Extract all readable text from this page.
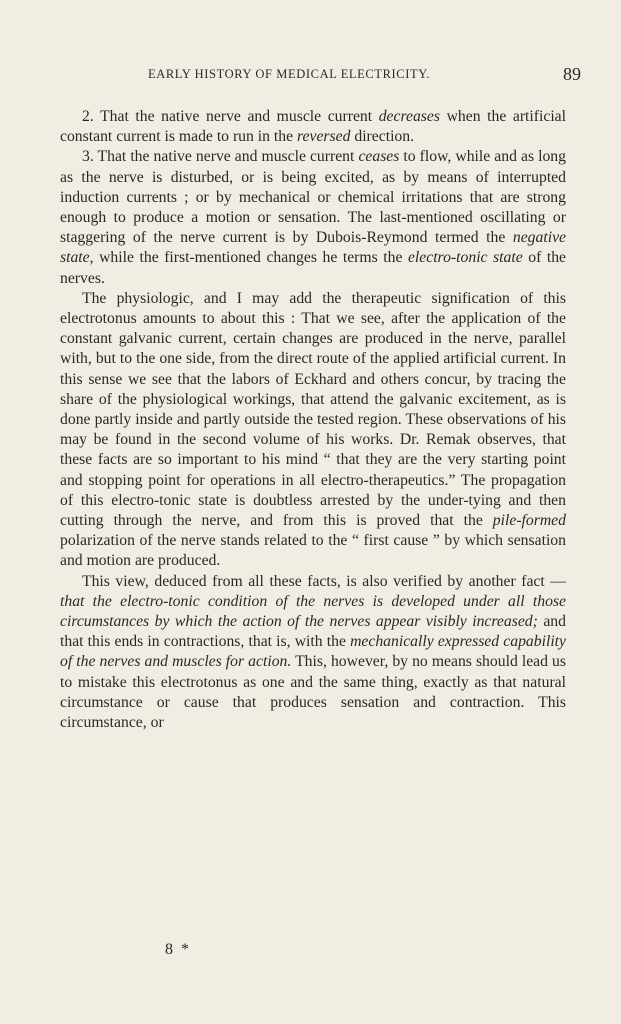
EARLY HISTORY OF MEDICAL ELECTRICITY.	89

2. That the native nerve and muscle current decreases when the artificial constant current is made to run in the reversed direction.

3. That the native nerve and muscle current ceases to flow, while and as long as the nerve is disturbed, or is being excited, as by means of interrupted induction currents ; or by mechanical or chemical irritations that are strong enough to produce a motion or sensation. The last-mentioned oscillating or staggering of the nerve current is by Dubois-Reymond termed the negative state, while the first-mentioned changes he terms the electro-tonic state of the nerves.

The physiologic, and I may add the therapeutic signification of this electrotonus amounts to about this : That we see, after the application of the constant galvanic current, certain changes are produced in the nerve, parallel with, but to the one side, from the direct route of the applied artificial current. In this sense we see that the labors of Eckhard and others concur, by tracing the share of the physiological workings, that attend the galvanic excitement, as is done partly inside and partly outside the tested region. These observations of his may be found in the second volume of his works. Dr. Remak observes, that these facts are so important to his mind “ that they are the very starting point and stopping point for operations in all electro-therapeutics.” The propagation of this electro-tonic state is doubtless arrested by the under-tying and then cutting through the nerve, and from this is proved that the pile-formed polarization of the nerve stands related to the “ first cause ” by which sensation and motion are produced.

This view, deduced from all these facts, is also verified by another fact — that the electro-tonic condition of the nerves is developed under all those circumstances by which the action of the nerves appear visibly increased; and that this ends in contractions, that is, with the mechanically expressed capability of the nerves and muscles for action. This, however, by no means should lead us to mistake this electrotonus as one and the same thing, exactly as that natural circumstance or cause that produces sensation and contraction. This circumstance, or

8 *
